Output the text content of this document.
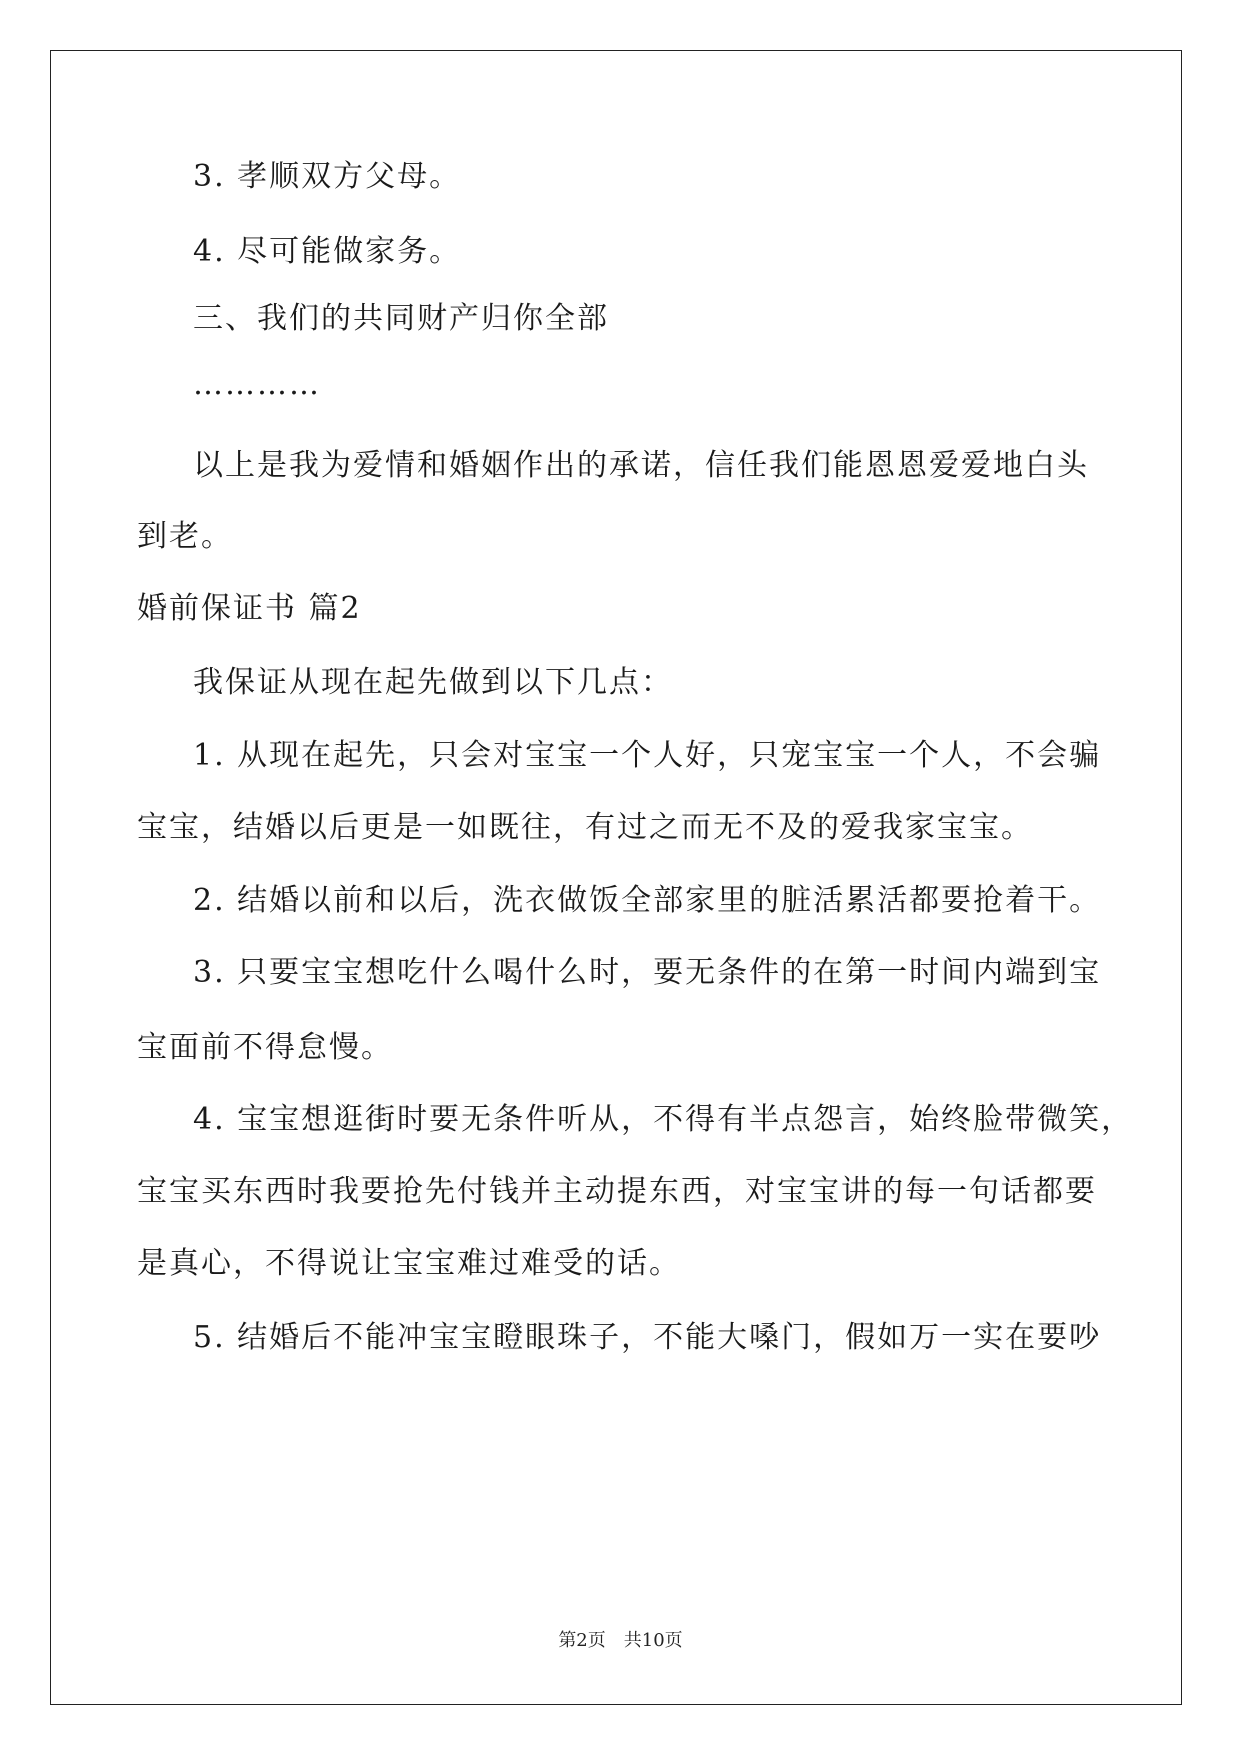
3. 孝顺双方父母。
4. 尽可能做家务。
三、我们的共同财产归你全部
…………
以上是我为爱情和婚姻作出的承诺，信任我们能恩恩爱爱地白头
到老。
婚前保证书 篇2
我保证从现在起先做到以下几点：
1. 从现在起先，只会对宝宝一个人好，只宠宝宝一个人，不会骗
宝宝，结婚以后更是一如既往，有过之而无不及的爱我家宝宝。
2. 结婚以前和以后，洗衣做饭全部家里的脏活累活都要抢着干。
3. 只要宝宝想吃什么喝什么时，要无条件的在第一时间内端到宝
宝面前不得怠慢。
4. 宝宝想逛街时要无条件听从，不得有半点怨言，始终脸带微笑，
宝宝买东西时我要抢先付钱并主动提东西，对宝宝讲的每一句话都要
是真心，不得说让宝宝难过难受的话。
5. 结婚后不能冲宝宝瞪眼珠子，不能大嗓门，假如万一实在要吵
第2页　共10页
